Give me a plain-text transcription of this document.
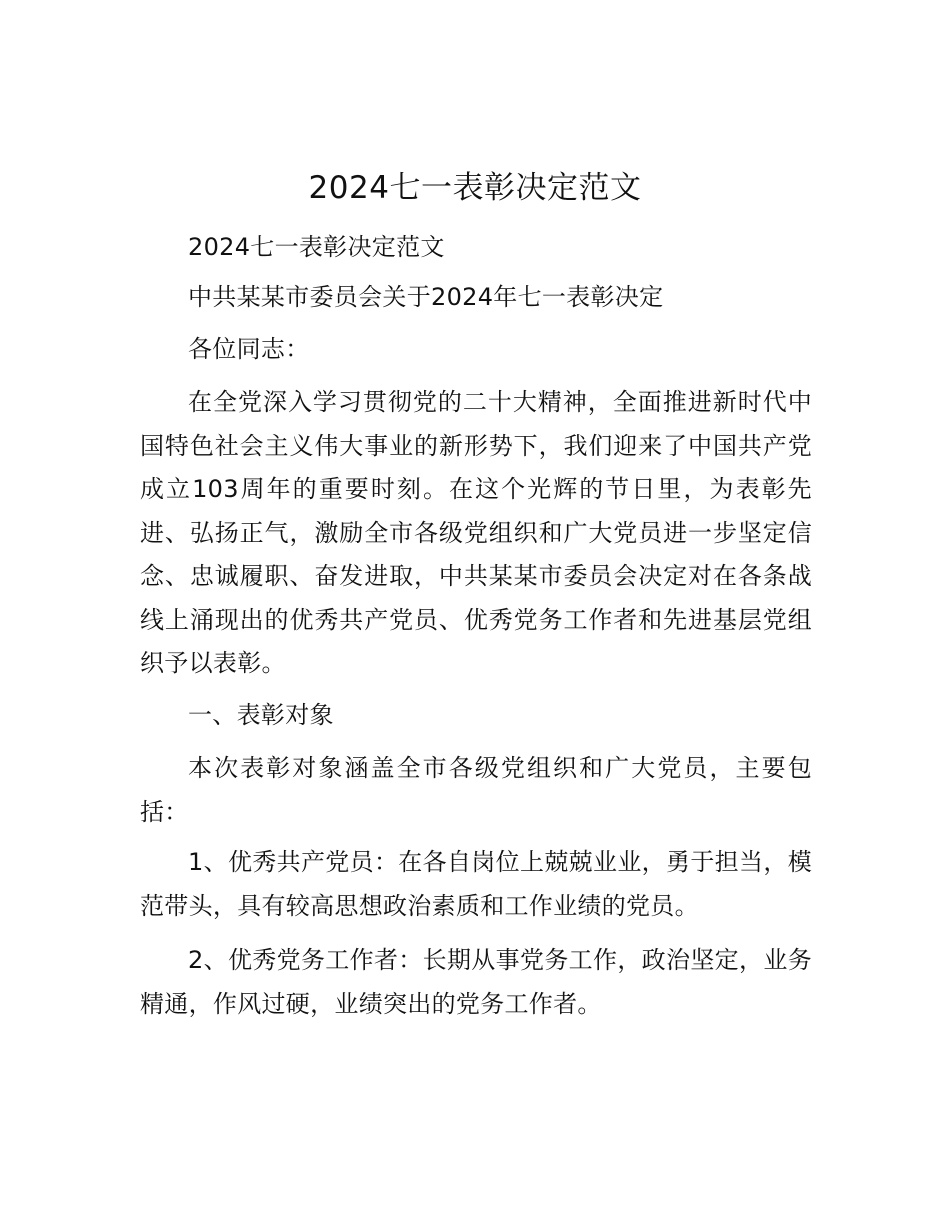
2024七一表彰决定范文

2024七一表彰决定范文

中共某某市委员会关于2024年七一表彰决定

各位同志：

在全党深入学习贯彻党的二十大精神，全面推进新时代中国特色社会主义伟大事业的新形势下，我们迎来了中国共产党成立103周年的重要时刻。在这个光辉的节日里，为表彰先进、弘扬正气，激励全市各级党组织和广大党员进一步坚定信念、忠诚履职、奋发进取，中共某某市委员会决定对在各条战线上涌现出的优秀共产党员、优秀党务工作者和先进基层党组织予以表彰。

一、表彰对象

本次表彰对象涵盖全市各级党组织和广大党员，主要包括：

1、优秀共产党员：在各自岗位上兢兢业业，勇于担当，模范带头，具有较高思想政治素质和工作业绩的党员。

2、优秀党务工作者：长期从事党务工作，政治坚定，业务精通，作风过硬，业绩突出的党务工作者。
